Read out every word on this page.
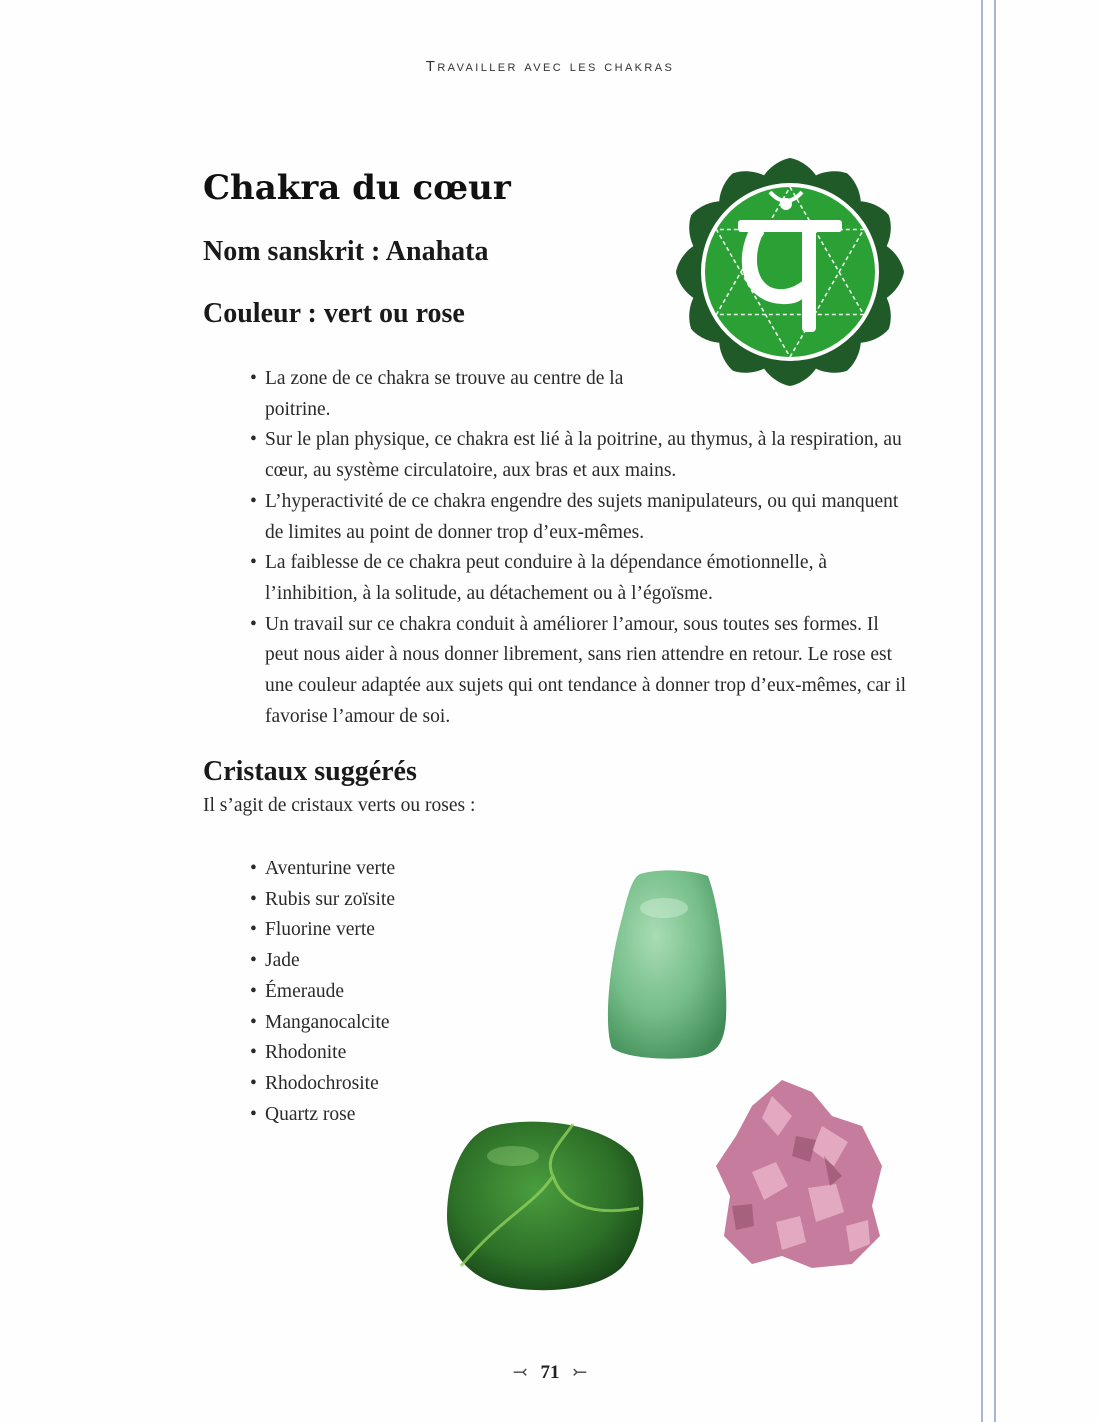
Travailler avec les chakras
Chakra du cœur
Nom sanskrit : Anahata
Couleur : vert ou rose
• La zone de ce chakra se trouve au centre de la poitrine.
• Sur le plan physique, ce chakra est lié à la poitrine, au thymus, à la respiration, au cœur, au système circulatoire, aux bras et aux mains.
• L’hyperactivité de ce chakra engendre des sujets manipulateurs, ou qui manquent de limites au point de donner trop d’eux-mêmes.
• La faiblesse de ce chakra peut conduire à la dépendance émotionnelle, à l’inhibition, à la solitude, au détachement ou à l’égoïsme.
• Un travail sur ce chakra conduit à améliorer l’amour, sous toutes ses formes. Il peut nous aider à nous donner librement, sans rien attendre en retour. Le rose est une couleur adaptée aux sujets qui ont tendance à donner trop d’eux-mêmes, car il favorise l’amour de soi.
Cristaux suggérés

Il s’agit de cristaux verts ou roses :

• Aventurine verte
• Rubis sur zoïsite
• Fluorine verte
• Jade
• Émeraude
• Manganocalcite
• Rhodonite
• Rhodochrosite
• Quartz rose
⤙ 71 ⤚
